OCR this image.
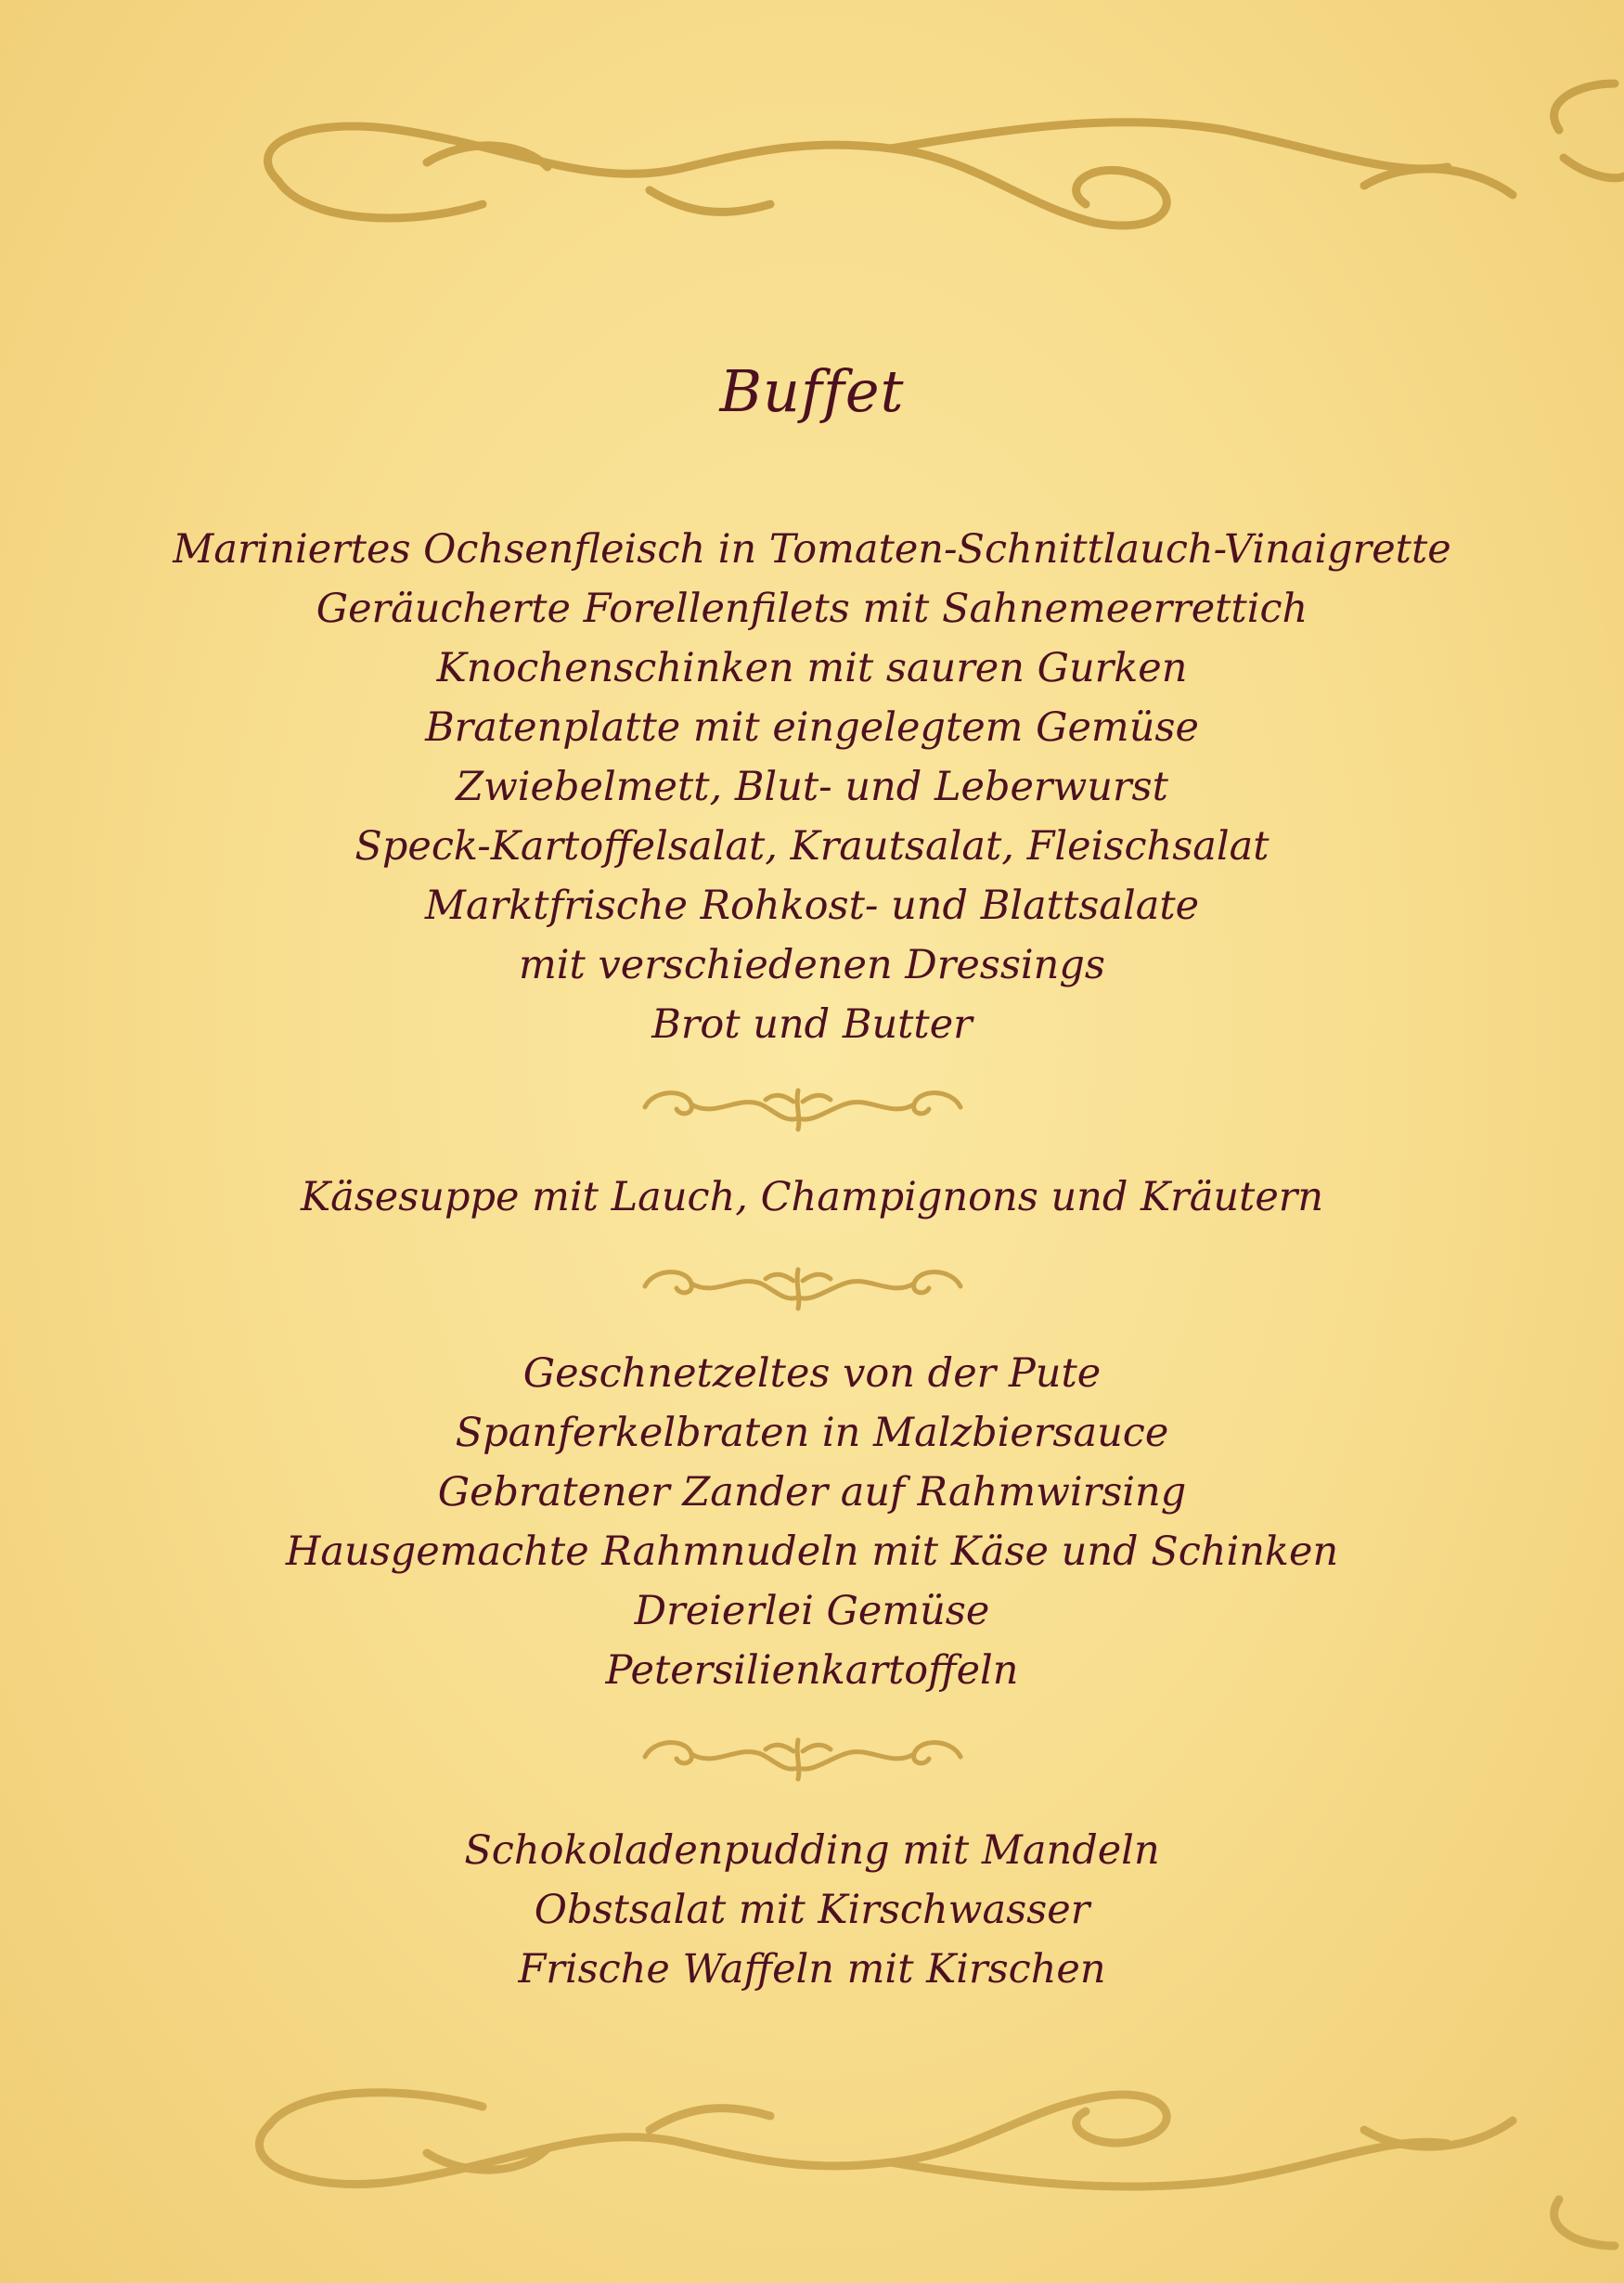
Buffet
Mariniertes Ochsenfleisch in Tomaten-Schnittlauch-Vinaigrette
Geräucherte Forellenfilets mit Sahnemeerrettich
Knochenschinken mit sauren Gurken
Bratenplatte mit eingelegtem Gemüse
Zwiebelmett, Blut- und Leberwurst
Speck-Kartoffelsalat, Krautsalat, Fleischsalat
Marktfrische Rohkost- und Blattsalate
mit verschiedenen Dressings
Brot und Butter
Käsesuppe mit Lauch, Champignons und Kräutern
Geschnetzeltes von der Pute
Spanferkelbraten in Malzbiersauce
Gebratener Zander auf Rahmwirsing
Hausgemachte Rahmnudeln mit Käse und Schinken
Dreierlei Gemüse
Petersilienkartoffeln
Schokoladenpudding mit Mandeln
Obstsalat mit Kirschwasser
Frische Waffeln mit Kirschen
